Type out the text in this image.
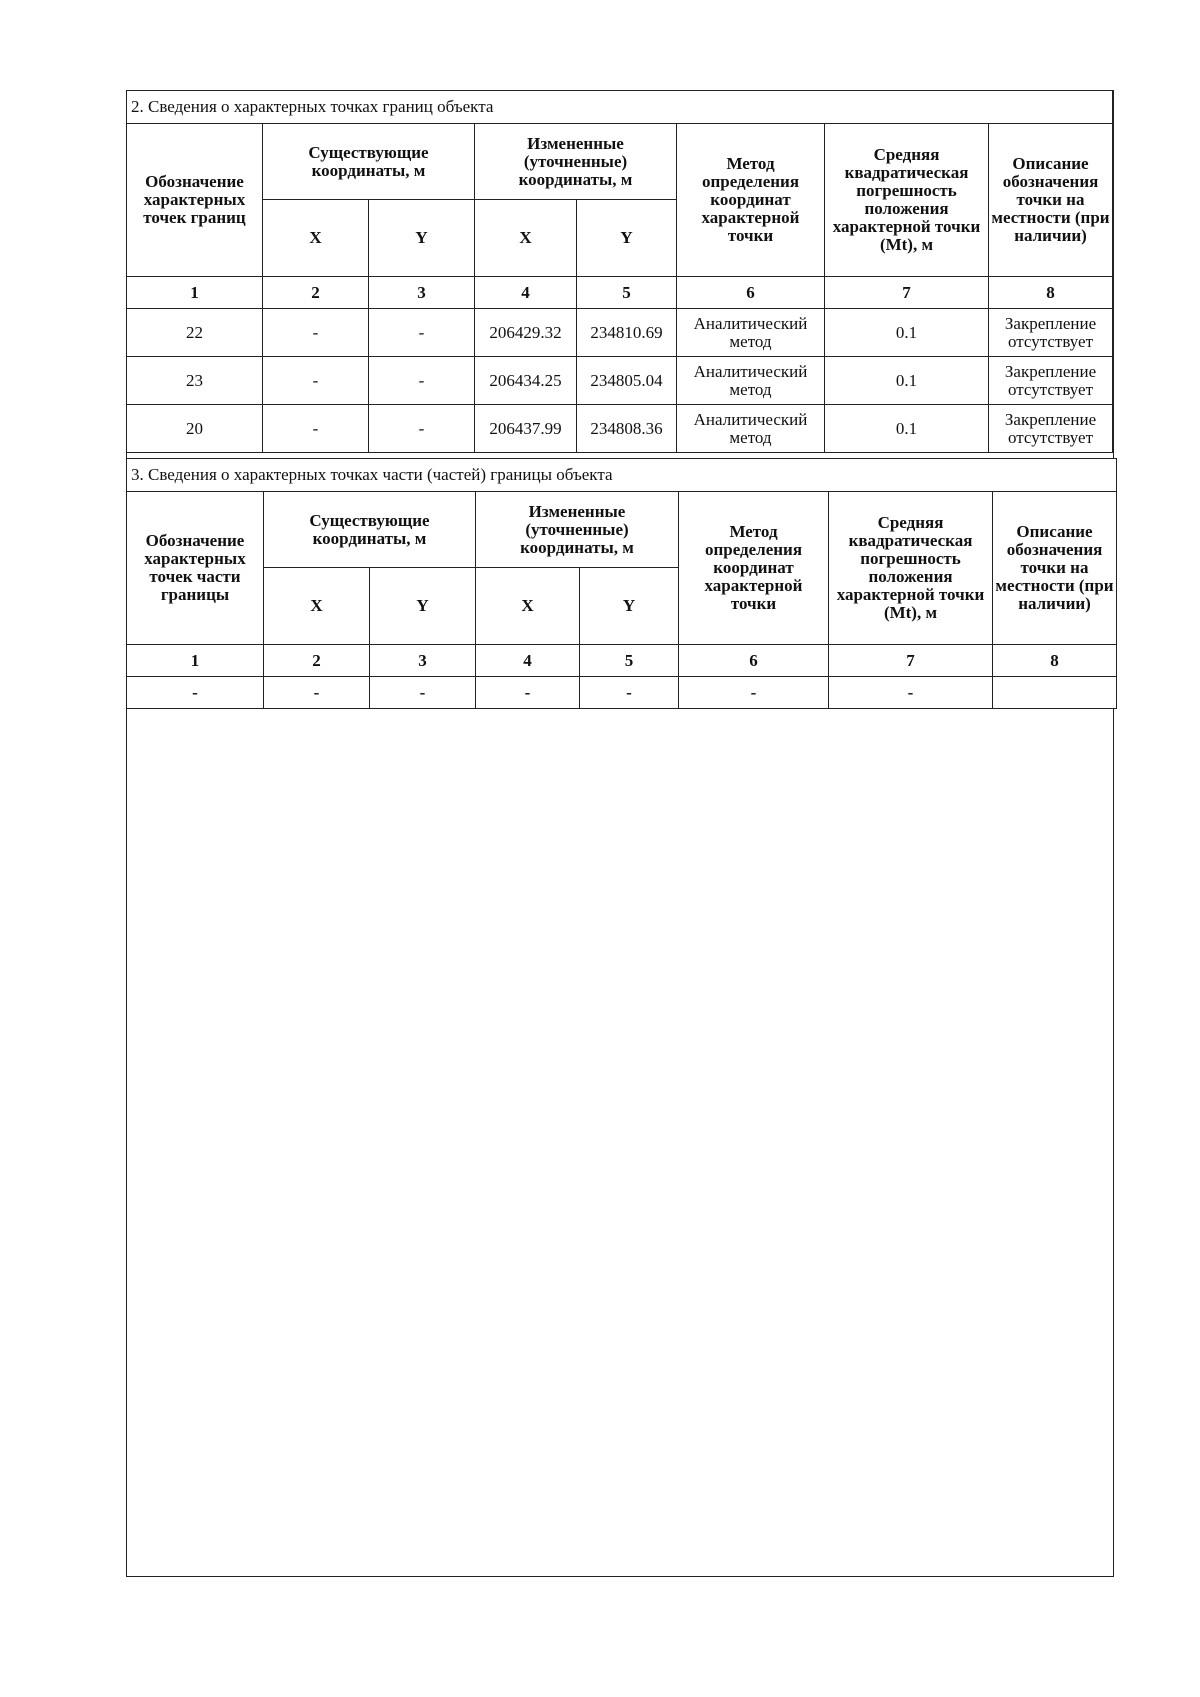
2. Сведения о характерных точках границ объекта							
Обозначение характерных точек границ	Существующие координаты, м		Измененные (уточненные) координаты, м		Метод определения координат характерной точки	Средняя квадратическая погрешность положения характерной точки (Mt), м	Описание обозначения точки на местности (при наличии)
	X	Y	X	Y			
1	2	3	4	5	6	7	8
22	-	-	206429.32	234810.69	Аналитический метод	0.1	Закрепление отсутствует
23	-	-	206434.25	234805.04	Аналитический метод	0.1	Закрепление отсутствует
20	-	-	206437.99	234808.36	Аналитический метод	0.1	Закрепление отсутствует
3. Сведения о характерных точках части (частей) границы объекта							
Обозначение характерных точек части границы	Существующие координаты, м		Измененные (уточненные) координаты, м		Метод определения координат характерной точки	Средняя квадратическая погрешность положения характерной точки (Mt), м	Описание обозначения точки на местности (при наличии)
	X	Y	X	Y			
1	2	3	4	5	6	7	8
-	-	-	-	-	-	-	
